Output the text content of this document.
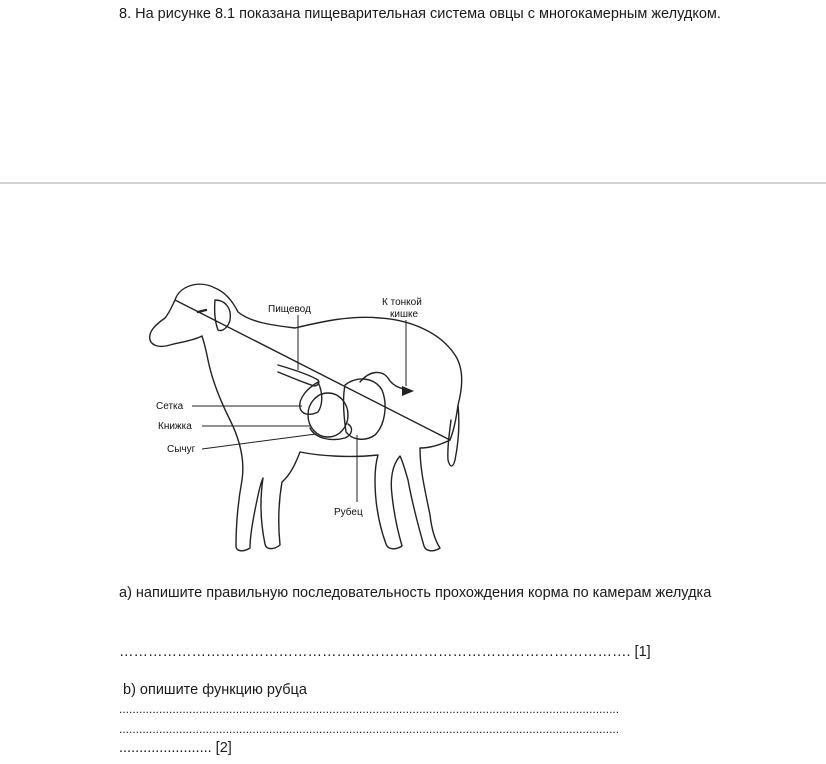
8. На рисунке 8.1 показана пищеварительная система овцы с многокамерным желудком.
Пищевод
К тонкой
кишке
Сетка
Книжка
Сычуг
Рубец
a) напишите правильную последовательность прохождения корма по камерам желудка
……………………………………………………………………………………………. [1]
b) опишите функцию рубца
......................................................................................................................................................
......................................................................................................................................................
....................... [2]
